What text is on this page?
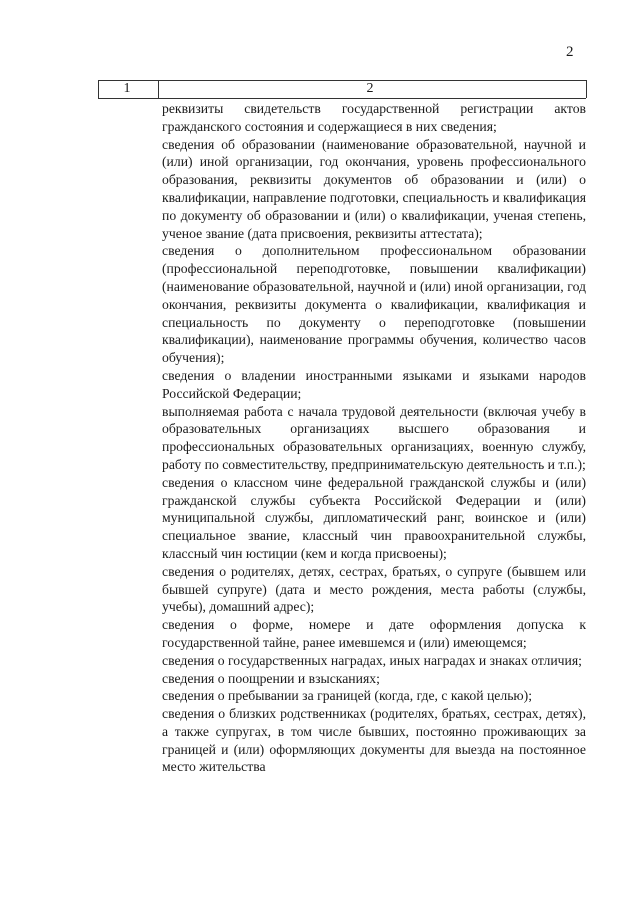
2
1	2

реквизиты свидетельств государственной регистрации актов гражданского состояния и содержащиеся в них сведения;

сведения об образовании (наименование образовательной, научной и (или) иной организации, год окончания, уровень профессионального образования, реквизиты документов об образовании и (или) о квалификации, направление подготовки, специальность и квалификация по документу об образовании и (или) о квалификации, ученая степень, ученое звание (дата присвоения, реквизиты аттестата);

сведения о дополнительном профессиональном образовании (профессиональной переподготовке, повышении квалификации) (наименование образовательной, научной и (или) иной организации, год окончания, реквизиты документа о квалификации, квалификация и специальность по документу о переподготовке (повышении квалификации), наименование программы обучения, количество часов обучения);

сведения о владении иностранными языками и языками народов Российской Федерации;

выполняемая работа с начала трудовой деятельности (включая учебу в образовательных организациях высшего образования и профессиональных образовательных организациях, военную службу, работу по совместительству, предпринимательскую деятельность и т.п.);

сведения о классном чине федеральной гражданской службы и (или) гражданской службы субъекта Российской Федерации и (или) муниципальной службы, дипломатический ранг, воинское и (или) специальное звание, классный чин правоохранительной службы, классный чин юстиции (кем и когда присвоены);

сведения о родителях, детях, сестрах, братьях, о супруге (бывшем или бывшей супруге) (дата и место рождения, места работы (службы, учебы), домашний адрес);

сведения о форме, номере и дате оформления допуска к государственной тайне, ранее имевшемся и (или) имеющемся;

сведения о государственных наградах, иных наградах и знаках отличия;

сведения о поощрении и взысканиях;

сведения о пребывании за границей (когда, где, с какой целью);

сведения о близких родственниках (родителях, братьях, сестрах, детях), а также супругах, в том числе бывших, постоянно проживающих за границей и (или) оформляющих документы для выезда на постоянное место жительства
